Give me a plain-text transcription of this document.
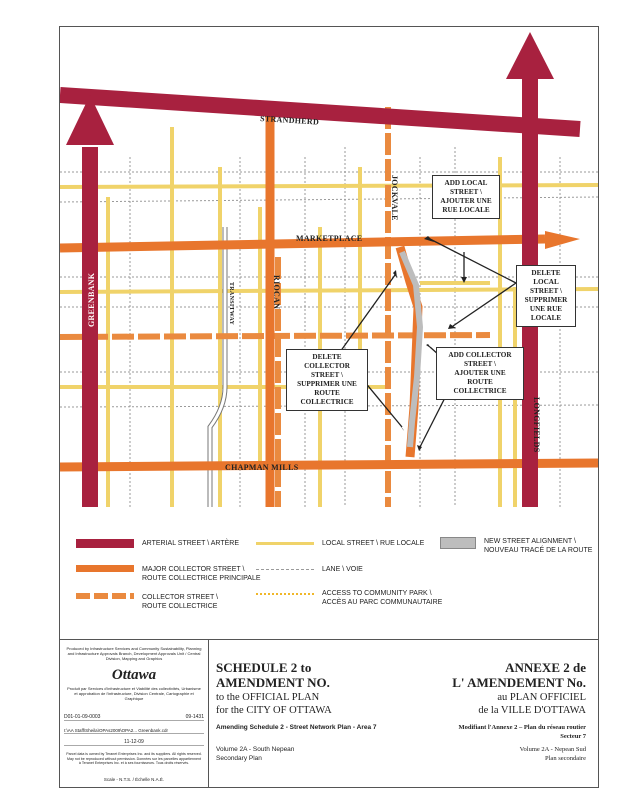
STRANDHERD
GREENBANK
MARKETPLACE
CHAPMAN MILLS
LONGFIELDS
JOCKVALE
TRANSITWAY	RIOCAN
ADD LOCAL
STREET \
AJOUTER UNE
RUE LOCALE
DELETE LOCAL
STREET \
SUPPRIMER
UNE RUE
LOCALE
DELETE COLLECTOR
STREET \
SUPPRIMER UNE
ROUTE COLLECTRICE
ADD COLLECTOR
STREET \
AJOUTER UNE
ROUTE COLLECTRICE
ARTERIAL STREET \ ARTÈRE
MAJOR COLLECTOR STREET \
ROUTE COLLECTRICE PRINCIPALE
COLLECTOR STREET \
ROUTE COLLECTRICE
LOCAL STREET \ RUE LOCALE
LANE \ VOIE
ACCESS TO COMMUNITY PARK \
ACCÈS AU PARC COMMUNAUTAIRE
NEW STREET ALIGNMENT \
NOUVEAU TRACÉ DE LA ROUTE
Produced by Infrastructure Services and Community Sustainability, Planning and Infrastructure Approvals Branch, Development Approvals Unit / Central Division, Mapping and Graphics
Ottawa
Produit par Services d'infrastructure et Viabilité des collectivités, Urbanisme et approbation de l'infrastructure, Division Centrale, Cartographie et Graphique
D01-01-09-0003	09-1431
I:\AA Staff\Sheila\OPAs2009\OPA2... Greenbank.cdr
11-12-09
Parcel data is owned by Teranet Enterprises Inc. and its suppliers. All rights reserved. May not be reproduced without permission. Données sur les parcelles appartiennent à Teranet Enterprises Inc. et à ses fournisseurs. Tous droits réservés.
Scale - N.T.S. / Échelle N.A.É.
SCHEDULE 2 to
AMENDMENT NO.
to the OFFICIAL PLAN
for the CITY OF OTTAWA
Amending Schedule 2 - Street Network Plan - Area 7
Volume 2A - South Nepean
Secondary Plan
ANNEXE 2 de
L' AMENDEMENT No.
au PLAN OFFICIEL
de la VILLE D'OTTAWA
Modifiant l'Annexe 2 – Plan du réseau routier
Secteur 7
Volume 2A - Nepean Sud
Plan secondaire
